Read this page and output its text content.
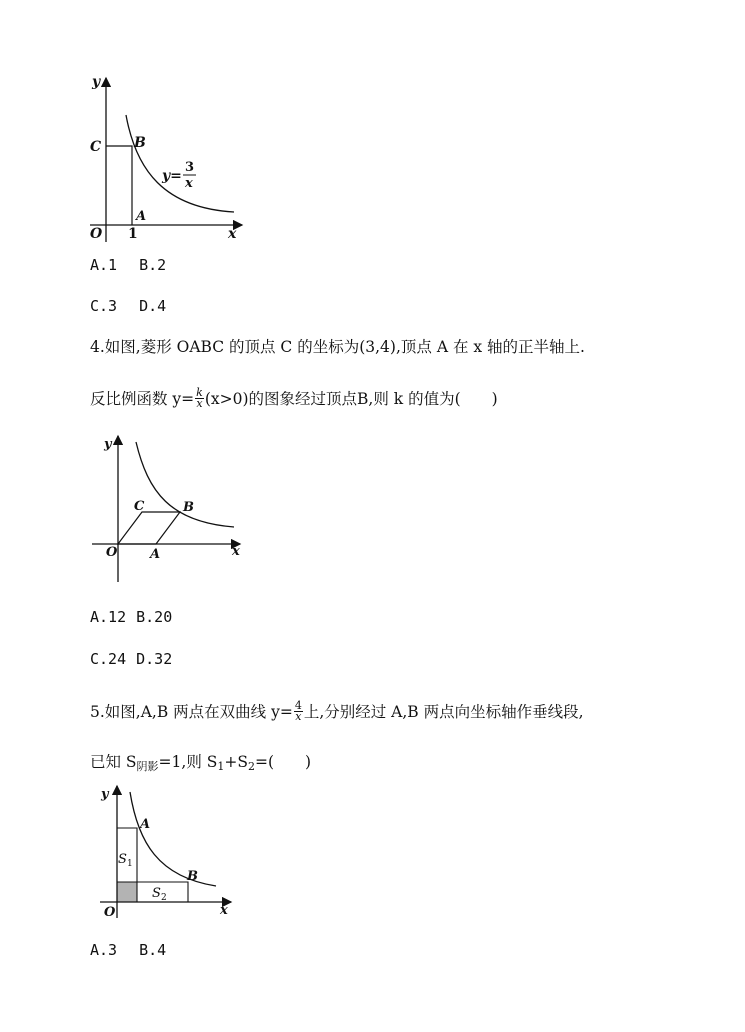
y
C B
A
O 1	x
y=
3
x
A.1 B.2
C.3 D.4
4.如图,菱形 OABC 的顶点 C 的坐标为(3,4),顶点 A 在 x 轴的正半轴上.
反比例函数 $y= \frac{k}{x} (x>0)$的图象经过顶点B,则 k 的值为(　　)
y
C	B
O	A	x
A.12 B.20
C.24 D.32
5.如图,A,B 两点在双曲线 $y= \frac{4}{x}$ 上,分别经过 A,B 两点向坐标轴作垂线段,
已知 $S_{阴影}=1$,则 $S_1+S_2=$(　　)
y
A
S 1
B
S 2
O	x
A.3 B.4
